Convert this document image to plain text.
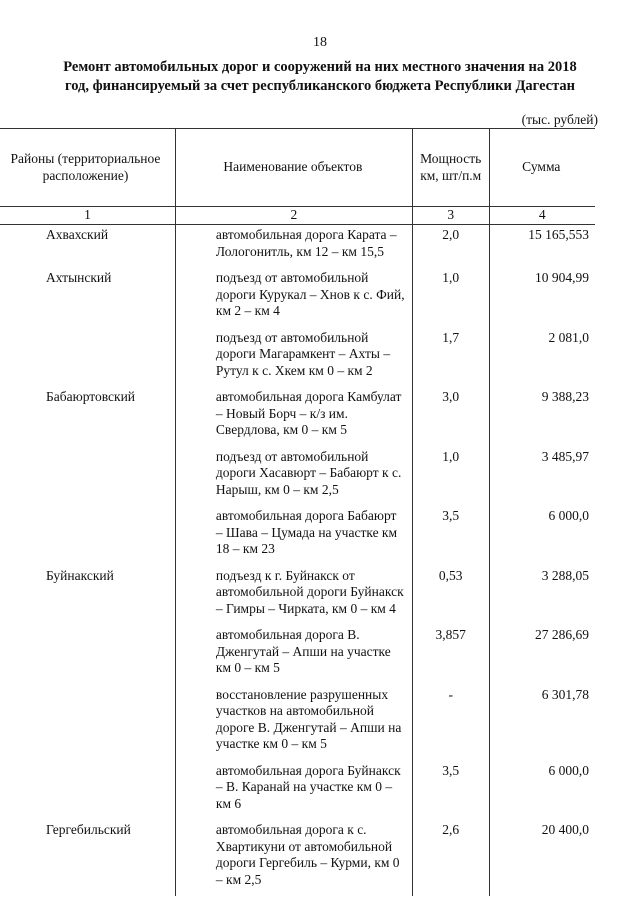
18
Ремонт автомобильных дорог и сооружений на них местного значения на 2018
год, финансируемый за счет республиканского бюджета Республики Дагестан
(тыс. рублей)
Районы (территориальное расположение)	Наименование объектов	Мощность км, шт/п.м	Сумма
1	2	3	4
Ахвахский	автомобильная дорога Карата – Лологонитль, км 12 – км 15,5	2,0	15 165,553
Ахтынский	подъезд от автомобильной дороги Курукал – Хнов к с. Фий, км 2 – км 4	1,0	10 904,99
	подъезд от автомобильной дороги Магарамкент – Ахты – Рутул к с. Хкем км 0 – км 2	1,7	2 081,0
Бабаюртовский	автомобильная дорога Камбулат – Новый Борч – к/з им. Свердлова, км 0 – км 5	3,0	9 388,23
	подъезд от автомобильной дороги Хасавюрт – Бабаюрт к с. Нарыш, км 0 – км 2,5	1,0	3 485,97
	автомобильная дорога Бабаюрт – Шава – Цумада на участке км 18 – км 23	3,5	6 000,0
Буйнакский	подъезд к г. Буйнакск от автомобильной дороги Буйнакск – Гимры – Чирката, км 0 – км 4	0,53	3 288,05
	автомобильная дорога В. Дженгутай – Апши на участке км 0 – км 5	3,857	27 286,69
	восстановление разрушенных участков на автомобильной дороге В. Дженгутай – Апши на участке км 0 – км 5	-	6 301,78
	автомобильная дорога Буйнакск – В. Каранай на участке км 0 – км 6	3,5	6 000,0
Гергебильский	автомобильная дорога к с. Хвартикуни от автомобильной дороги Гергебиль – Курми, км 0 – км 2,5	2,6	20 400,0
